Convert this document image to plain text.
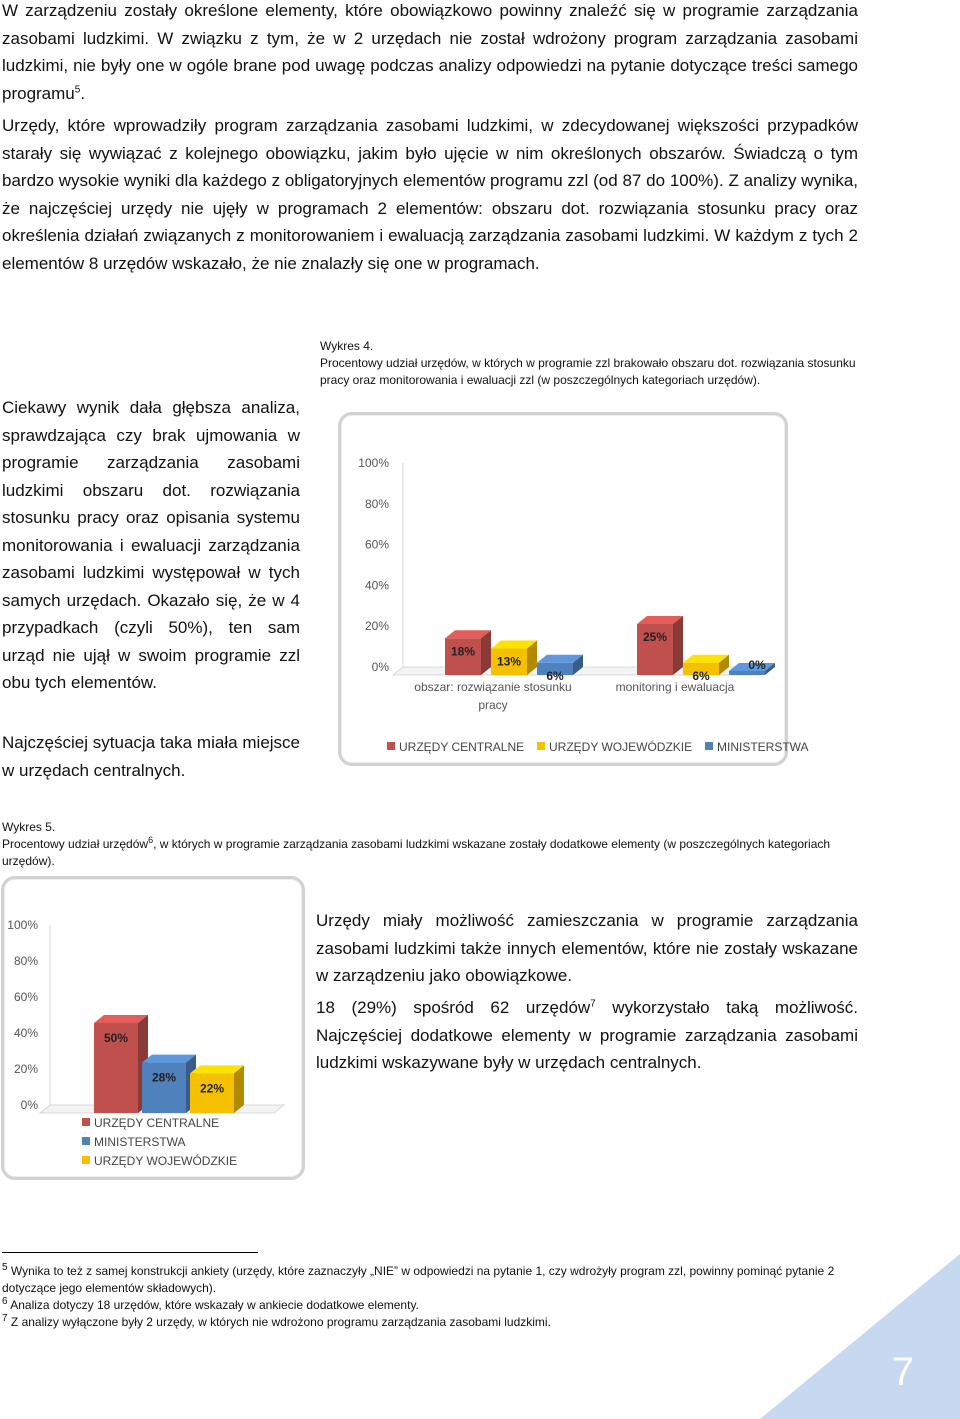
W zarządzeniu zostały określone elementy, które obowiązkowo powinny znaleźć się w programie zarządzania zasobami ludzkimi. W związku z tym, że w 2 urzędach nie został wdrożony program zarządzania zasobami ludzkimi, nie były one w ogóle brane pod uwagę podczas analizy odpowiedzi na pytanie dotyczące treści samego programu$^5$.
Urzędy, które wprowadziły program zarządzania zasobami ludzkimi, w zdecydowanej większości przypadków starały się wywiązać z kolejnego obowiązku, jakim było ujęcie w nim określonych obszarów. Świadczą o tym bardzo wysokie wyniki dla każdego z obligatoryjnych elementów programu zzl (od 87 do 100%). Z analizy wynika, że najczęściej urzędy nie ujęły w programach 2 elementów: obszaru dot. rozwiązania stosunku pracy oraz określenia działań związanych z monitorowaniem i ewaluacją zarządzania zasobami ludzkimi. W każdym z tych 2 elementów 8 urzędów wskazało, że nie znalazły się one w programach.
Wykres 4.
Procentowy udział urzędów, w których w programie zzl brakowało obszaru dot. rozwiązania stosunku pracy oraz monitorowania i ewaluacji zzl (w poszczególnych kategoriach urzędów).
Ciekawy wynik dała głębsza analiza, sprawdzająca czy brak ujmowania w programie zarządzania zasobami ludzkimi obszaru dot. rozwiązania stosunku pracy oraz opisania systemu monitorowania i ewaluacji zarządzania zasobami ludzkimi występował w tych samych urzędach. Okazało się, że w 4 przypadkach (czyli 50%), ten sam urząd nie ujął w swoim programie zzl obu tych elementów.
Najczęściej sytuacja taka miała miejsce w urzędach centralnych.
0%
20%
40%
60%
80%
100%
18%
13%
6%
obszar: rozwiązanie stosunku
pracy
25%
6%
0%
monitoring i ewaluacja
URZĘDY CENTRALNE URZĘDY WOJEWÓDZKIE MINISTERSTWA
Wykres 5.
Procentowy udział urzędów$^6$, w których w programie zarządzania zasobami ludzkimi wskazane zostały dodatkowe elementy (w poszczególnych kategoriach urzędów).
0%
20%
40%
60%
80%
100%
50%
28%
22%
URZĘDY CENTRALNE
MINISTERSTWA
URZĘDY WOJEWÓDZKIE
Urzędy miały możliwość zamieszczania w programie zarządzania zasobami ludzkimi także innych elementów, które nie zostały wskazane w zarządzeniu jako obowiązkowe.
18 (29%) spośród 62 urzędów$^7$ wykorzystało taką możliwość. Najczęściej dodatkowe elementy w programie zarządzania zasobami ludzkimi wskazywane były w urzędach centralnych.
$^5$ Wynika to też z samej konstrukcji ankiety (urzędy, które zaznaczyły „NIE” w odpowiedzi na pytanie 1, czy wdrożyły program zzl, powinny pominąć pytanie 2 dotyczące jego elementów składowych).
$^6$ Analiza dotyczy 18 urzędów, które wskazały w ankiecie dodatkowe elementy.
$^7$ Z analizy wyłączone były 2 urzędy, w których nie wdrożono programu zarządzania zasobami ludzkimi.
7
